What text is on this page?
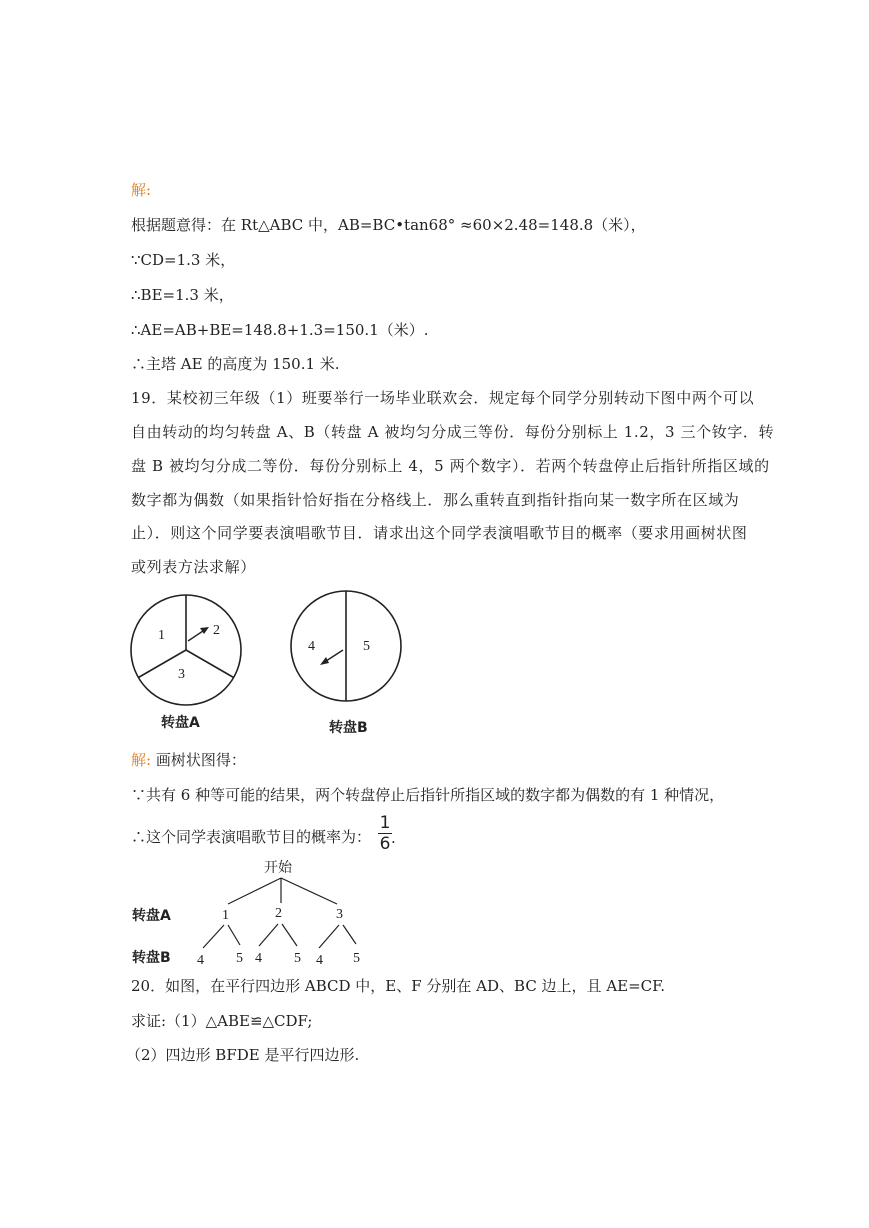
解:
根据题意得：在 Rt△ABC 中，AB=BC•tan68° ≈60×2.48=148.8（米），
∵CD=1.3 米，
∴BE=1.3 米，
∴AE=AB+BE=148.8+1.3=150.1（米）.
∴主塔 AE 的高度为 150.1 米.
19．某校初三年级（1）班要举行一场毕业联欢会．规定每个同学分别转动下图中两个可以
自由转动的均匀转盘 A、B（转盘 A 被均匀分成三等份．每份分别标上 1.2，3 三个钕字．转
盘 B 被均匀分成二等份．每份分别标上 4，5 两个数字）．若两个转盘停止后指针所指区域的
数字都为偶数（如果指针恰好指在分格线上．那么重转直到指针指向某一数字所在区域为
止）．则这个同学要表演唱歌节目．请求出这个同学表演唱歌节目的概率（要求用画树状图
或列表方法求解）
1	2
3
转盘A
4	5
转盘B
开始
转盘A	1	2	3
转盘B 4 5 4 5 4 5
解: 画树状图得：
∵共有 6 种等可能的结果，两个转盘停止后指针所指区域的数字都为偶数的有 1 种情况，
∴这个同学表演唱歌节目的概率为：
1
6 .
20．如图，在平行四边形 ABCD 中，E、F 分别在 AD、BC 边上，且 AE=CF.
求证:（1）△ABE≌△CDF;
（2）四边形 BFDE 是平行四边形.
